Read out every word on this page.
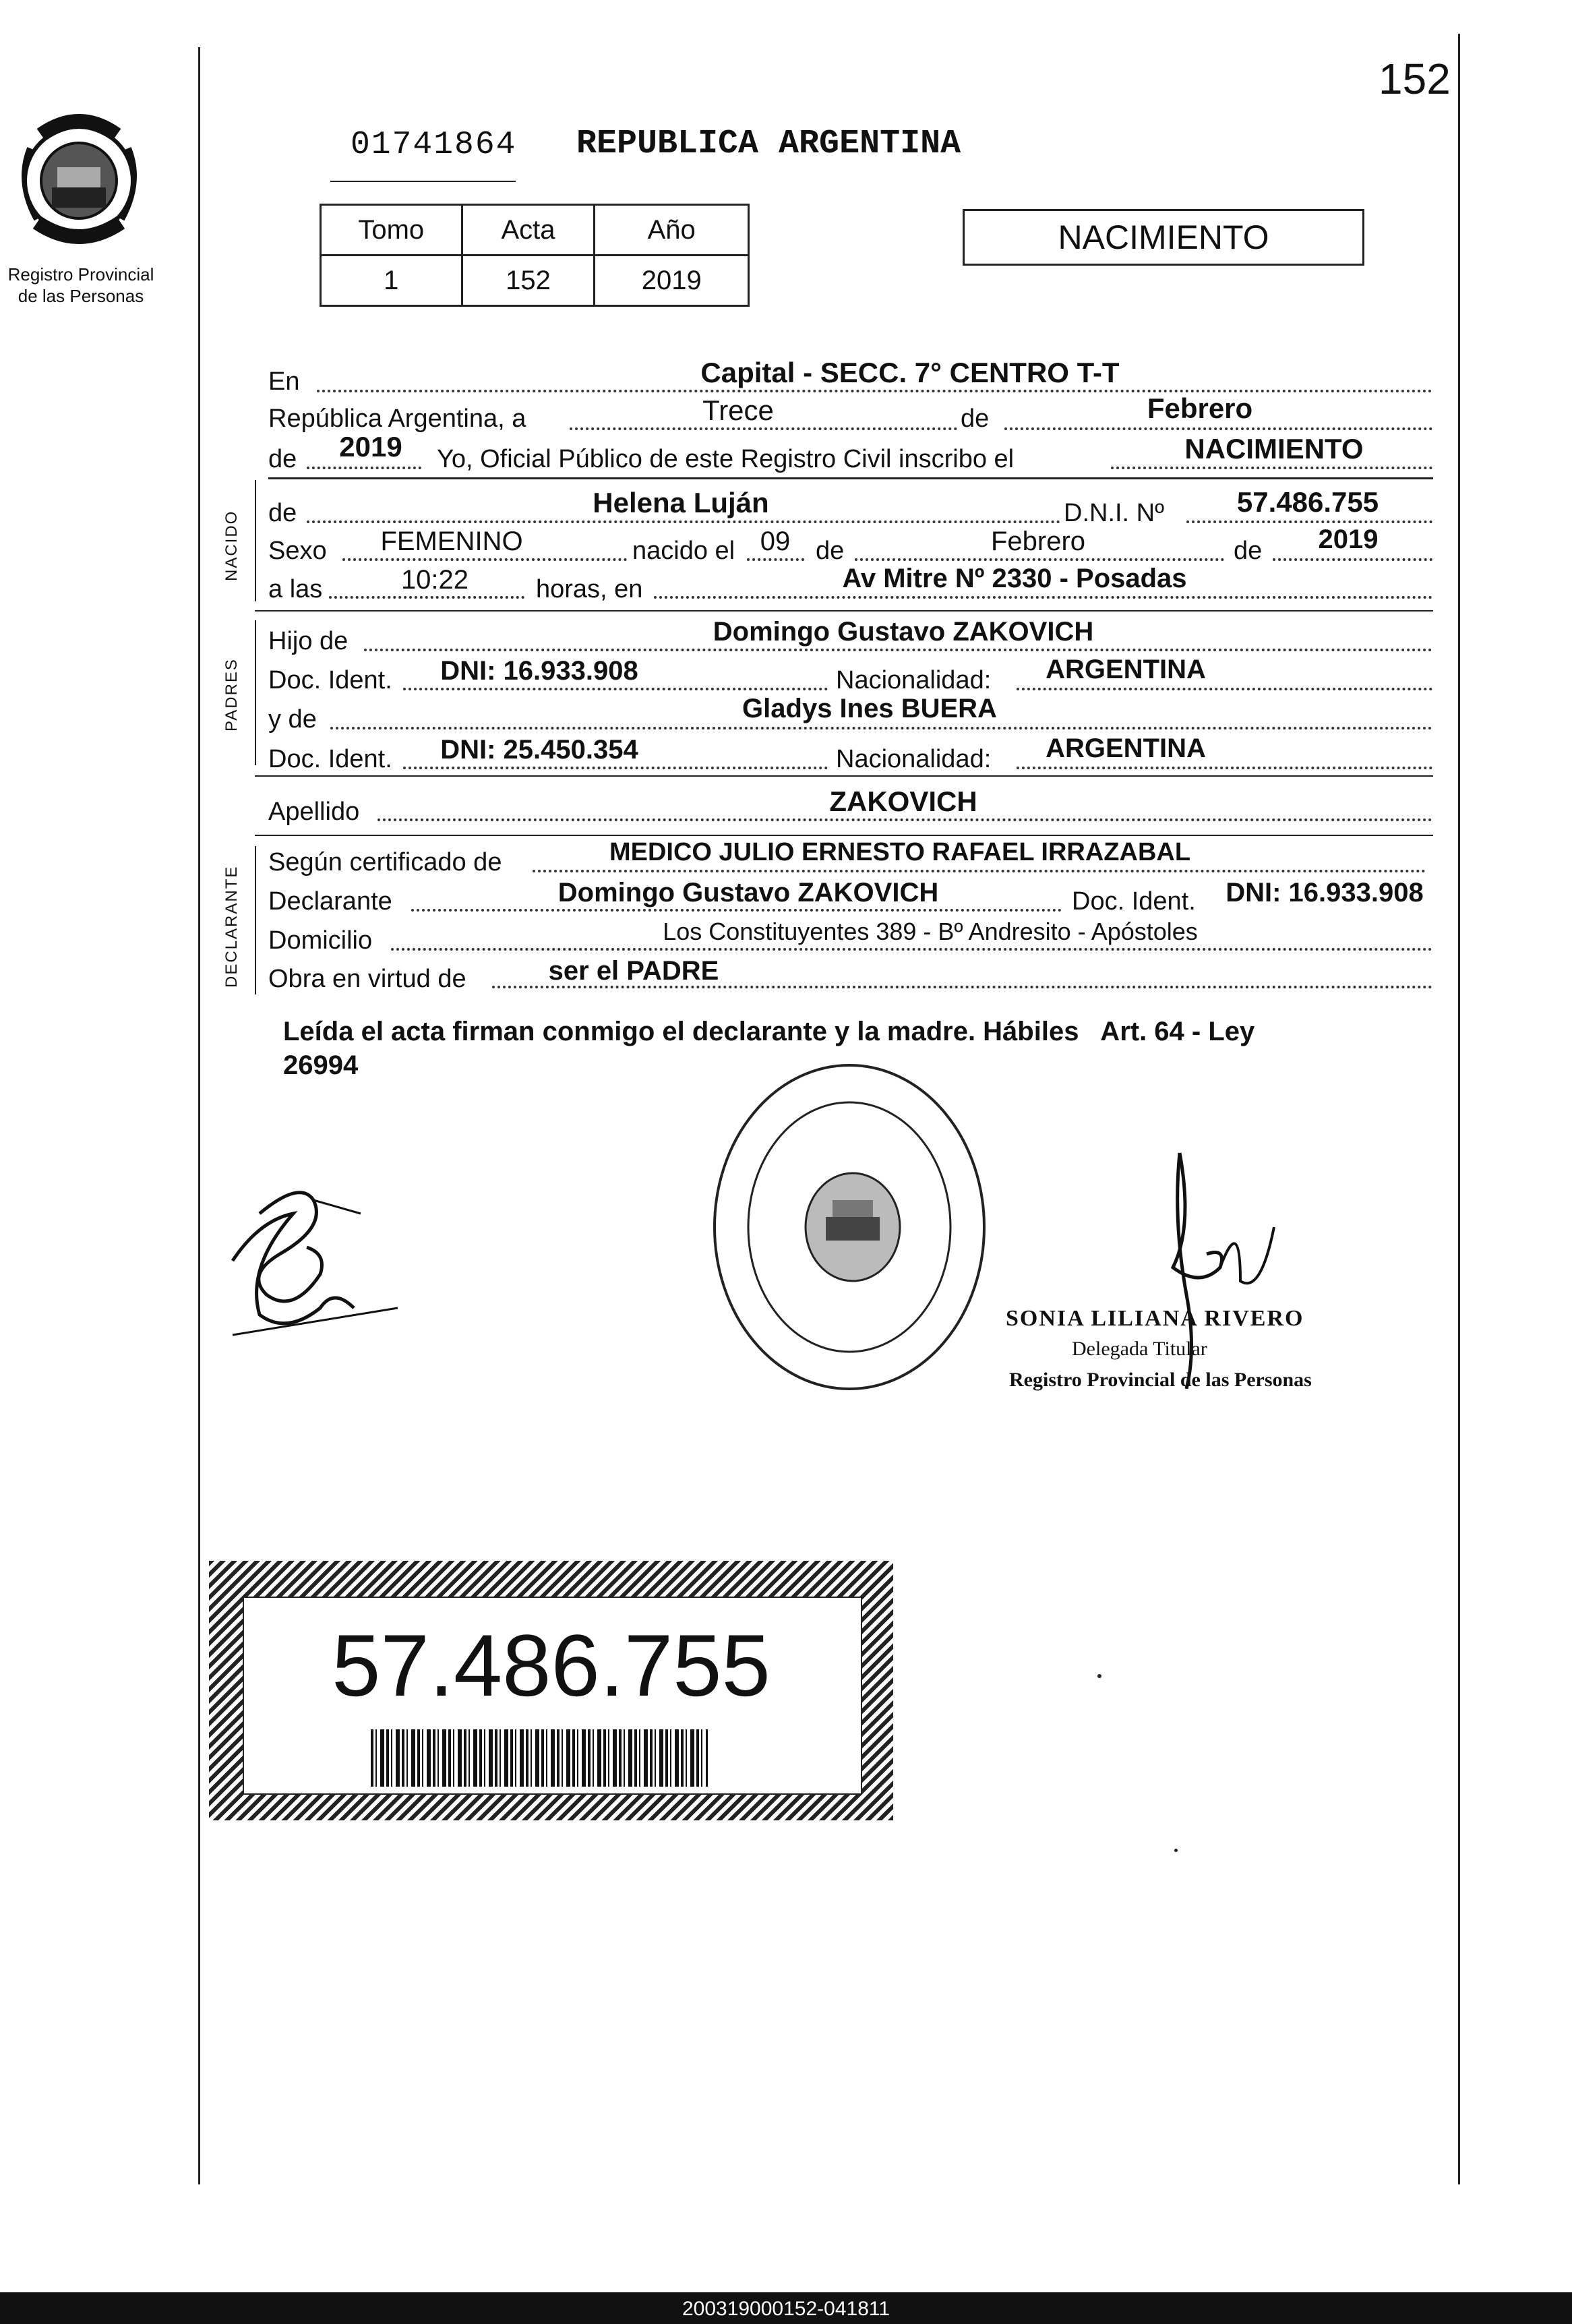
152
Registro Provincial
de las Personas
01741864 REPUBLICA ARGENTINA
Tomo	Acta	Año
1	152	2019
NACIMIENTO
En	Capital - SECC. 7° CENTRO T-T
República Argentina, a	Trece	de	Febrero
de	2019	Yo, Oficial Público de este Registro Civil inscribo el	NACIMIENTO
NACIDO de	Helena Luján	D.N.I. Nº	57.486.755
Sexo	FEMENINO	nacido el 09 de	Febrero	de	2019
a las	10:22	horas, en	Av Mitre Nº 2330 - Posadas
PADRES
Hijo de	Domingo Gustavo ZAKOVICH
Doc. Ident.	DNI: 16.933.908	Nacionalidad:	ARGENTINA
y de	Gladys Ines BUERA
Doc. Ident.	DNI: 25.450.354	Nacionalidad:	ARGENTINA
Apellido	ZAKOVICH
DECLARANTE
Según certificado de	MEDICO JULIO ERNESTO RAFAEL IRRAZABAL
Declarante	Domingo Gustavo ZAKOVICH	Doc. Ident.	DNI: 16.933.908
Domicilio	Los Constituyentes 389 - Bº Andresito - Apóstoles
Obra en virtud de	ser el PADRE
Leída el acta firman conmigo el declarante y la madre. Hábiles   Art. 64 - Ley
26994
SONIA LILIANA RIVERO
Delegada Titular
Registro Provincial de las Personas
57.486.755
200319000152-041811
